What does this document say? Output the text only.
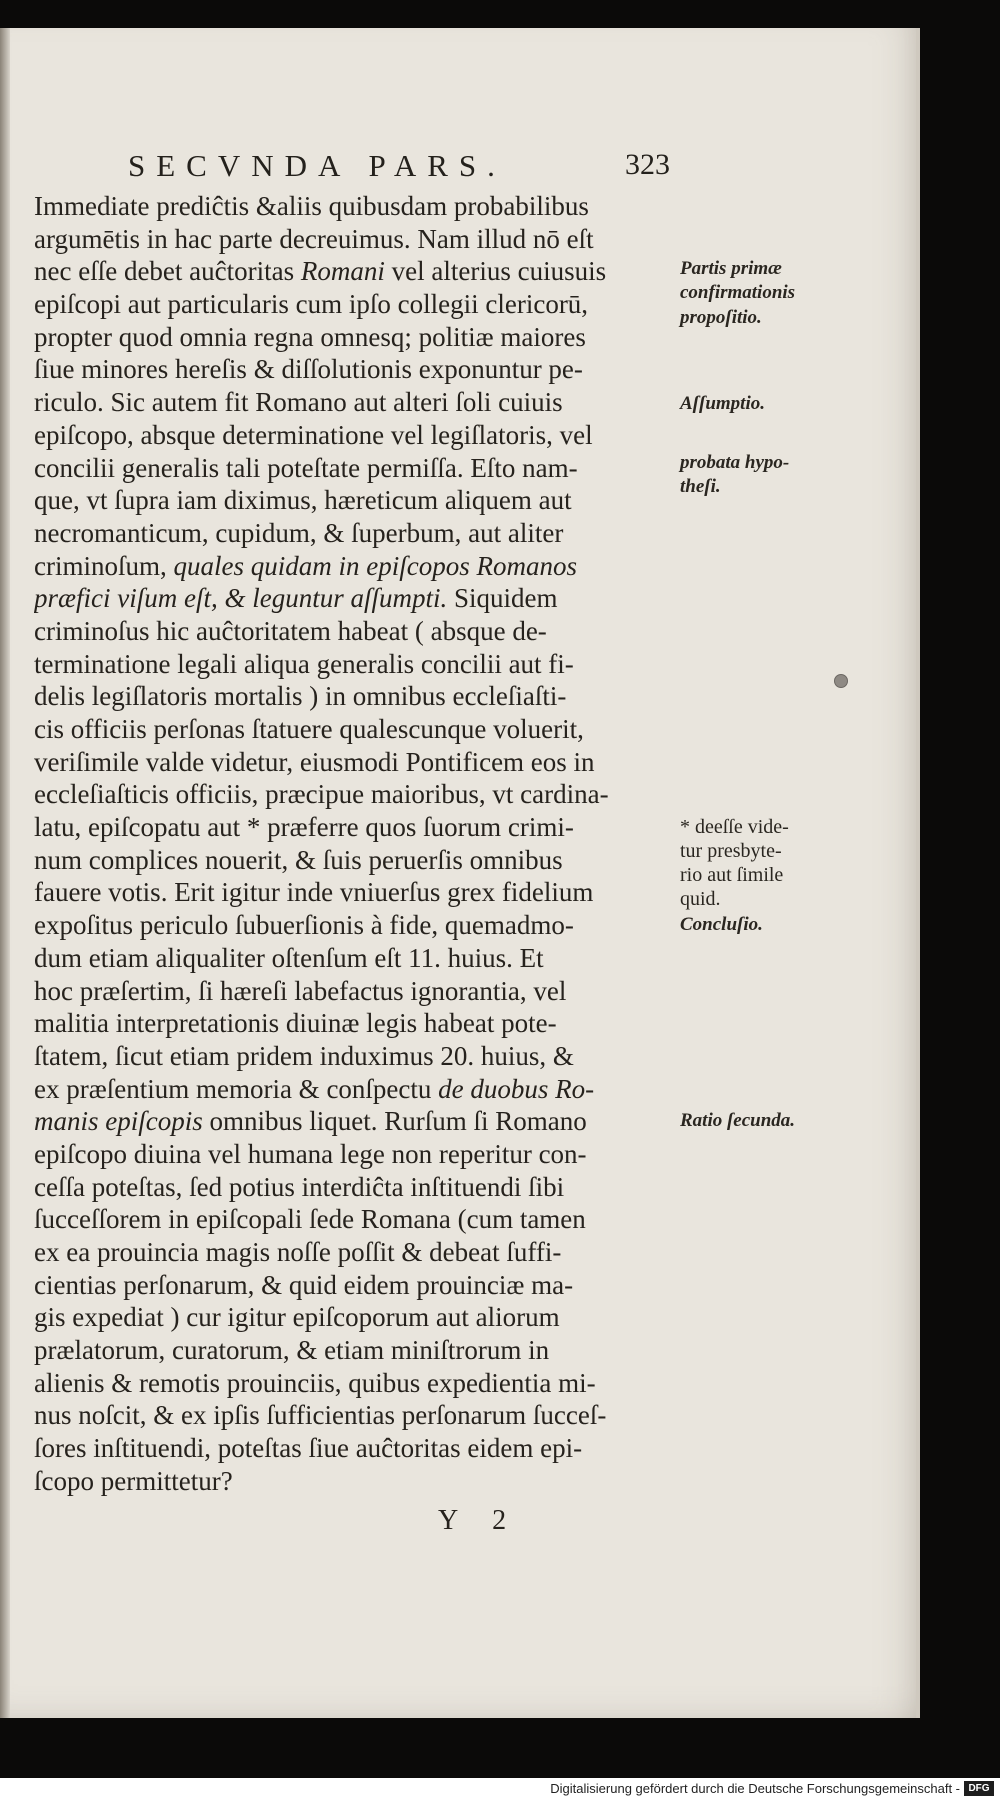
SECVNDA PARS.	323
Immediate prediĉtis &aliis quibusdam probabilibus
argumētis in hac parte decreuimus. Nam illud nō eſt
nec eſſe debet auĉtoritas Romani vel alterius cuiusuis
epiſcopi aut particularis cum ipſo collegii clericorū,
propter quod omnia regna omnesq; politiæ maiores
ſiue minores hereſis & diſſolutionis exponuntur pe-
riculo. Sic autem fit Romano aut alteri ſoli cuiuis
epiſcopo, absque determinatione vel legiſlatoris, vel
concilii generalis tali poteſtate permiſſa. Eſto nam-
que, vt ſupra iam diximus, hæreticum aliquem aut
necromanticum, cupidum, & ſuperbum, aut aliter
criminoſum, quales quidam in epiſcopos Romanos
præfici viſum eſt, & leguntur aſſumpti. Siquidem
criminoſus hic auĉtoritatem habeat ( absque de-
terminatione legali aliqua generalis concilii aut fi-
delis legiſlatoris mortalis ) in omnibus eccleſiaſti-
cis officiis perſonas ſtatuere qualescunque voluerit,
veriſimile valde videtur, eiusmodi Pontificem eos in
eccleſiaſticis officiis, præcipue maioribus, vt cardina-
latu, epiſcopatu aut * præferre quos ſuorum crimi-
num complices nouerit, & ſuis peruerſis omnibus
fauere votis. Erit igitur inde vniuerſus grex fidelium
expoſitus periculo ſubuerſionis à fide, quemadmo-
dum etiam aliqualiter oſtenſum eſt 11. huius. Et
hoc præſertim, ſi hæreſi labefactus ignorantia, vel
malitia interpretationis diuinæ legis habeat pote-
ſtatem, ſicut etiam pridem induximus 20. huius, &
ex præſentium memoria & conſpectu de duobus Ro-
manis epiſcopis omnibus liquet. Rurſum ſi Romano
epiſcopo diuina vel humana lege non reperitur con-
ceſſa poteſtas, ſed potius interdiĉta inſtituendi ſibi
ſucceſſorem in epiſcopali ſede Romana (cum tamen
ex ea prouincia magis noſſe poſſit & debeat ſuffi-
cientias perſonarum, & quid eidem prouinciæ ma-
gis expediat ) cur igitur epiſcoporum aut aliorum
prælatorum, curatorum, & etiam miniſtrorum in
alienis & remotis prouinciis, quibus expedientia mi-
nus noſcit, & ex ipſis ſufficientias perſonarum ſucceſ-
ſores inſtituendi, poteſtas ſiue auĉtoritas eidem epi-
ſcopo permittetur?
Partis primæ
confirmationis
propoſitio.
Aſſumptio.
probata hypo-
theſi.
* deeſſe vide-
tur presbyte-
rio aut ſimile
quid.
Concluſio.
Ratio ſecunda.
Y 2
Digitalisierung gefördert durch die Deutsche Forschungsgemeinschaft - DFG
